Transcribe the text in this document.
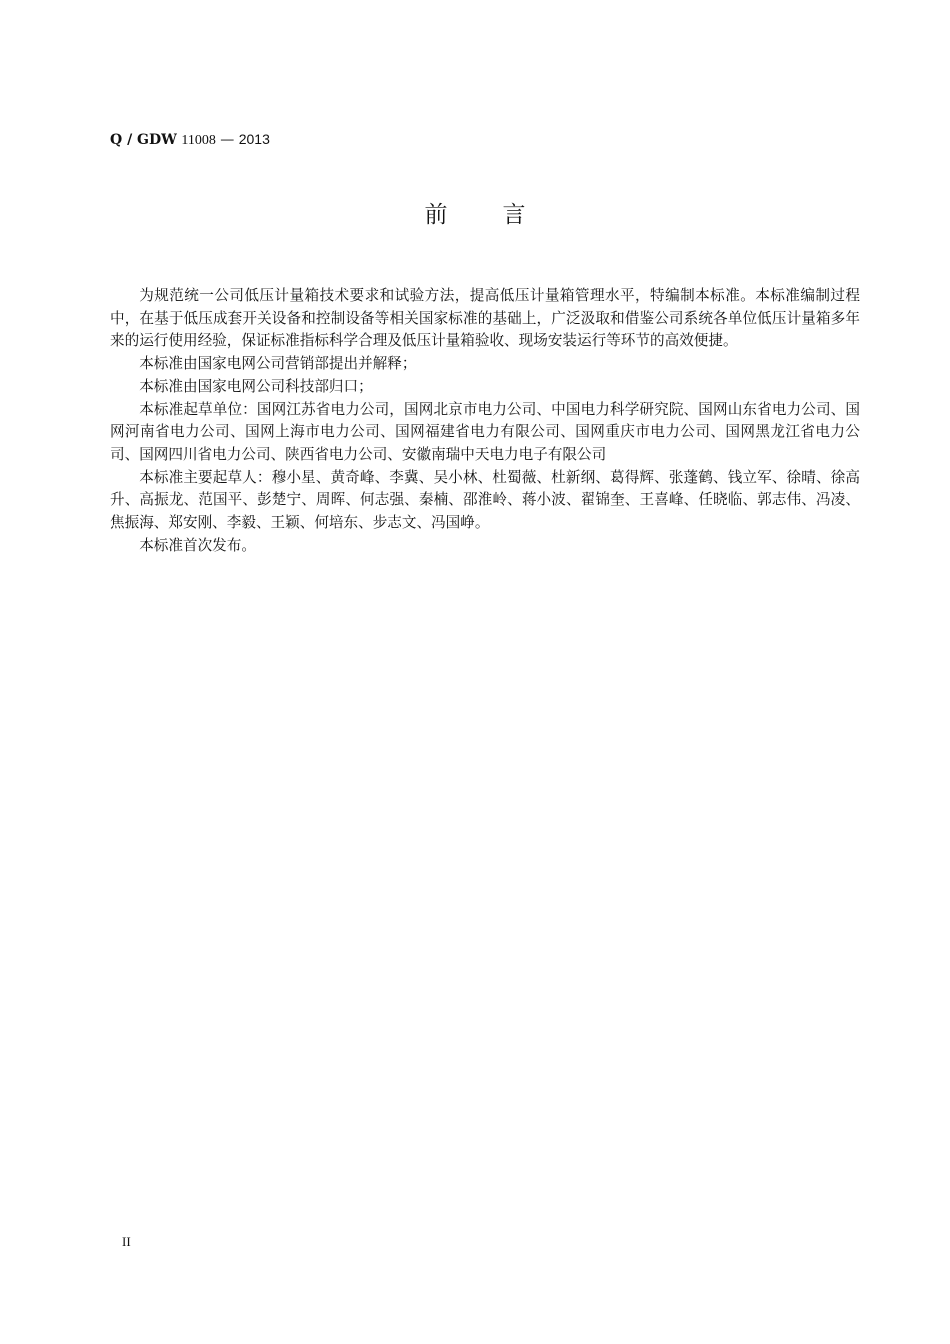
Q / GDW 11008 — 2013
前言

为规范统一公司低压计量箱技术要求和试验方法，提高低压计量箱管理水平，特编制本标准。本标准编制过程中，在基于低压成套开关设备和控制设备等相关国家标准的基础上，广泛汲取和借鉴公司系统各单位低压计量箱多年来的运行使用经验，保证标准指标科学合理及低压计量箱验收、现场安装运行等环节的高效便捷。

本标准由国家电网公司营销部提出并解释；

本标准由国家电网公司科技部归口；

本标准起草单位：国网江苏省电力公司，国网北京市电力公司、中国电力科学研究院、国网山东省电力公司、国网河南省电力公司、国网上海市电力公司、国网福建省电力有限公司、国网重庆市电力公司、国网黑龙江省电力公司、国网四川省电力公司、陕西省电力公司、安徽南瑞中天电力电子有限公司

本标准主要起草人：穆小星、黄奇峰、李冀、吴小林、杜蜀薇、杜新纲、葛得辉、张蓬鹤、钱立军、徐晴、徐高升、高振龙、范国平、彭楚宁、周晖、何志强、秦楠、邵淮岭、蒋小波、翟锦奎、王喜峰、任晓临、郭志伟、冯凌、焦振海、郑安刚、李毅、王颖、何培东、步志文、冯国峥。

本标准首次发布。

II
